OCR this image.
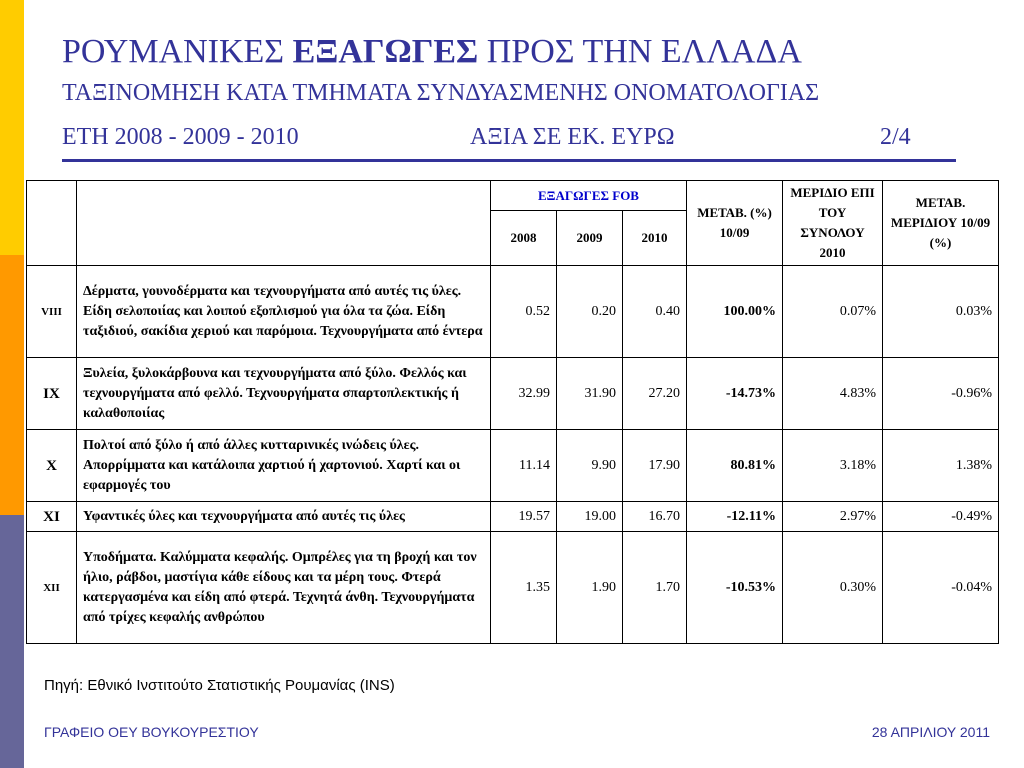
ΡΟΥΜΑΝΙΚΕΣ ΕΞΑΓΩΓΕΣ ΠΡΟΣ ΤΗΝ ΕΛΛΑΔΑ
ΤΑΞΙΝΟΜΗΣΗ ΚΑΤΑ ΤΜΗΜΑΤΑ ΣΥΝΔΥΑΣΜΕΝΗΣ ΟΝΟΜΑΤΟΛΟΓΙΑΣ
ΕΤΗ 2008 - 2009 - 2010	ΑΞΙΑ ΣΕ ΕΚ. ΕΥΡΩ	2/4
		ΕΞΑΓΩΓΕΣ FOB			ΜΕΤΑΒ. (%) 10/09	ΜΕΡΙΔΙΟ ΕΠΙ ΤΟΥ ΣΥΝΟΛΟΥ 2010	ΜΕΤΑΒ. ΜΕΡΙΔΙΟΥ 10/09 (%)
		2008	2009	2010			
VIII	Δέρματα, γουνοδέρματα και τεχνουργήματα από αυτές τις ύλες. Είδη σελοποιίας και λοιπού εξοπλισμού για όλα τα ζώα. Είδη ταξιδιού, σακίδια χεριού και παρόμοια. Τεχνουργήματα από έντερα	0.52	0.20	0.40	100.00%	0.07%	0.03%
IX	Ξυλεία, ξυλοκάρβουνα και τεχνουργήματα από ξύλο. Φελλός και τεχνουργήματα από φελλό. Τεχνουργήματα σπαρτοπλεκτικής ή καλαθοποιίας	32.99	31.90	27.20	-14.73%	4.83%	-0.96%
X	Πολτοί από ξύλο ή από άλλες κυτταρινικές ινώδεις ύλες. Απορρίμματα και κατάλοιπα χαρτιού ή χαρτονιού. Χαρτί και οι εφαρμογές του	11.14	9.90	17.90	80.81%	3.18%	1.38%
XI	Υφαντικές ύλες και τεχνουργήματα από αυτές τις ύλες	19.57	19.00	16.70	-12.11%	2.97%	-0.49%
XII	Υποδήματα. Καλύμματα κεφαλής. Ομπρέλες για τη βροχή και τον ήλιο, ράβδοι, μαστίγια κάθε είδους και τα μέρη τους. Φτερά κατεργασμένα και είδη από φτερά. Τεχνητά άνθη. Τεχνουργήματα από τρίχες κεφαλής ανθρώπου	1.35	1.90	1.70	-10.53%	0.30%	-0.04%
Πηγή: Εθνικό Ινστιτούτο Στατιστικής Ρουμανίας (INS)
ΓΡΑΦΕΙΟ ΟΕΥ ΒΟΥΚΟΥΡΕΣΤΙΟΥ	28 ΑΠΡΙΛΙΟΥ 2011
